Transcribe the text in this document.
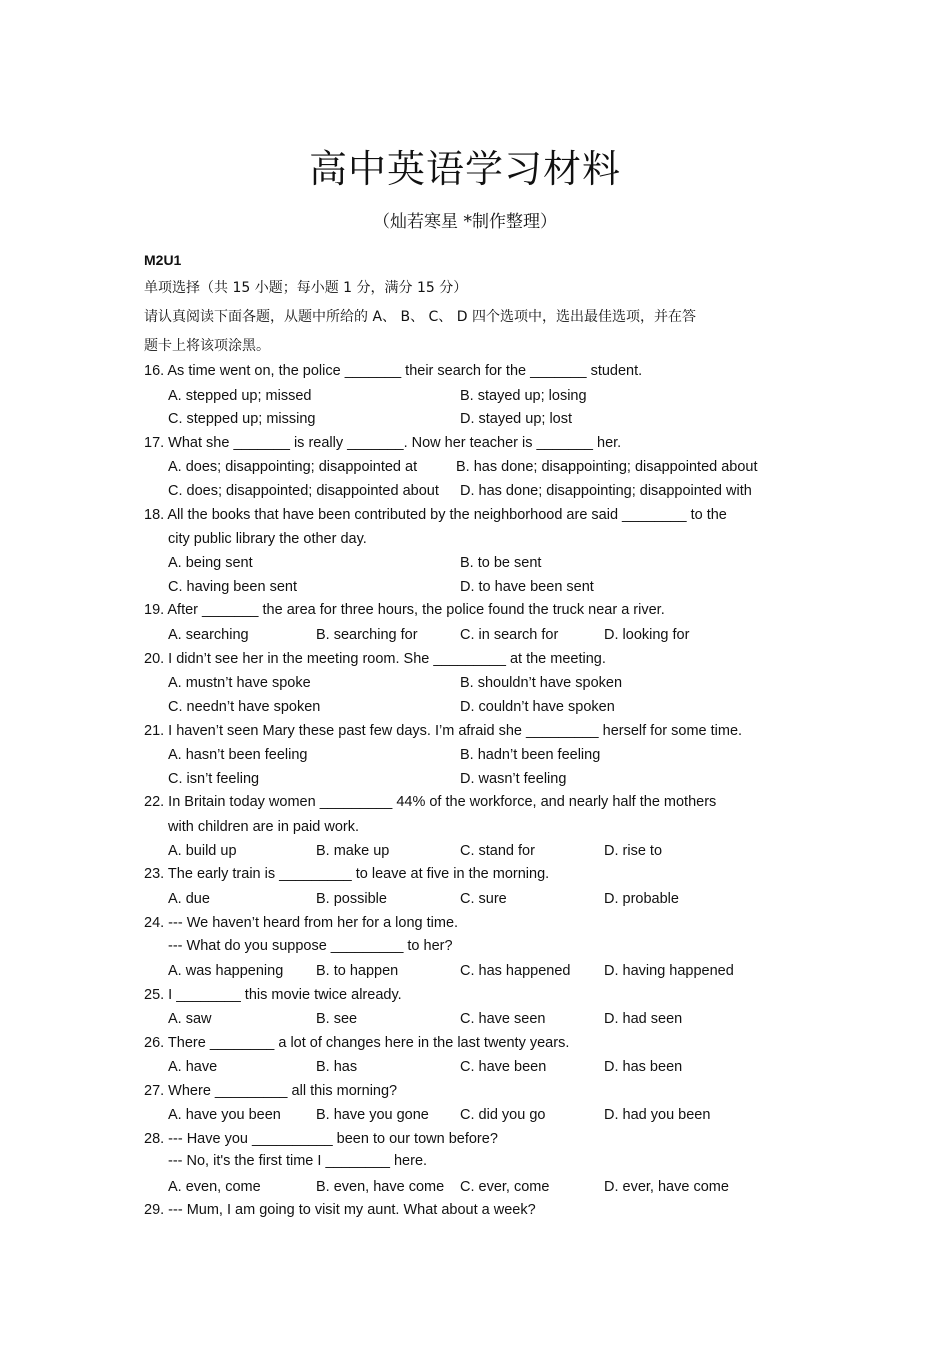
高中英语学习材料
（灿若寒星 *制作整理）
M2U1
单项选择（共 15 小题；每小题 1 分，满分 15 分）
请认真阅读下面各题，从题中所给的 A、 B、 C、 D 四个选项中，选出最佳选项，并在答
题卡上将该项涂黑。
16. As time went on, the police _______ their search for the _______ student.
A. stepped up; missed	B. stayed up; losing
C. stepped up; missing	D. stayed up; lost
17. What she _______ is really _______. Now her teacher is _______ her.
A. does; disappointing; disappointed at	B. has done; disappointing; disappointed about
C. does; disappointed; disappointed about D. has done; disappointing; disappointed with
18. All the books that have been contributed by the neighborhood are said ________ to the
city public library the other day.
A. being sent	B. to be sent
C. having been sent	D. to have been sent
19. After _______ the area for three hours, the police found the truck near a river.
A. searching	B. searching for	C. in search for	D. looking for
20. I didn’t see her in the meeting room. She _________ at the meeting.
A. mustn’t have spoke	B. shouldn’t have spoken
C. needn’t have spoken	D. couldn’t have spoken
21. I haven’t seen Mary these past few days. I’m afraid she _________ herself for some time.
A. hasn’t been feeling	B. hadn’t been feeling
C. isn’t feeling	D. wasn’t feeling
22. In Britain today women _________ 44% of the workforce, and nearly half the mothers
with children are in paid work.
A. build up	B. make up	C. stand for	D. rise to
23. The early train is _________ to leave at five in the morning.
A. due	B. possible	C. sure	D. probable
24. --- We haven’t heard from her for a long time.
--- What do you suppose _________ to her?
A. was happening B. to happen	C. has happened D. having happened
25. I ________ this movie twice already.
A. saw	B. see	C. have seen	D. had seen
26. There ________ a lot of changes here in the last twenty years.
A. have	B. has	C. have been	D. has been
27. Where _________ all this morning?
A. have you been B. have you gone C. did you go	D. had you been
28. --- Have you __________ been to our town before?
--- No, it's the first time I ________ here.
A. even, come	B. even, have come C. ever, come	D. ever, have come
29. --- Mum, I am going to visit my aunt. What about a week?
